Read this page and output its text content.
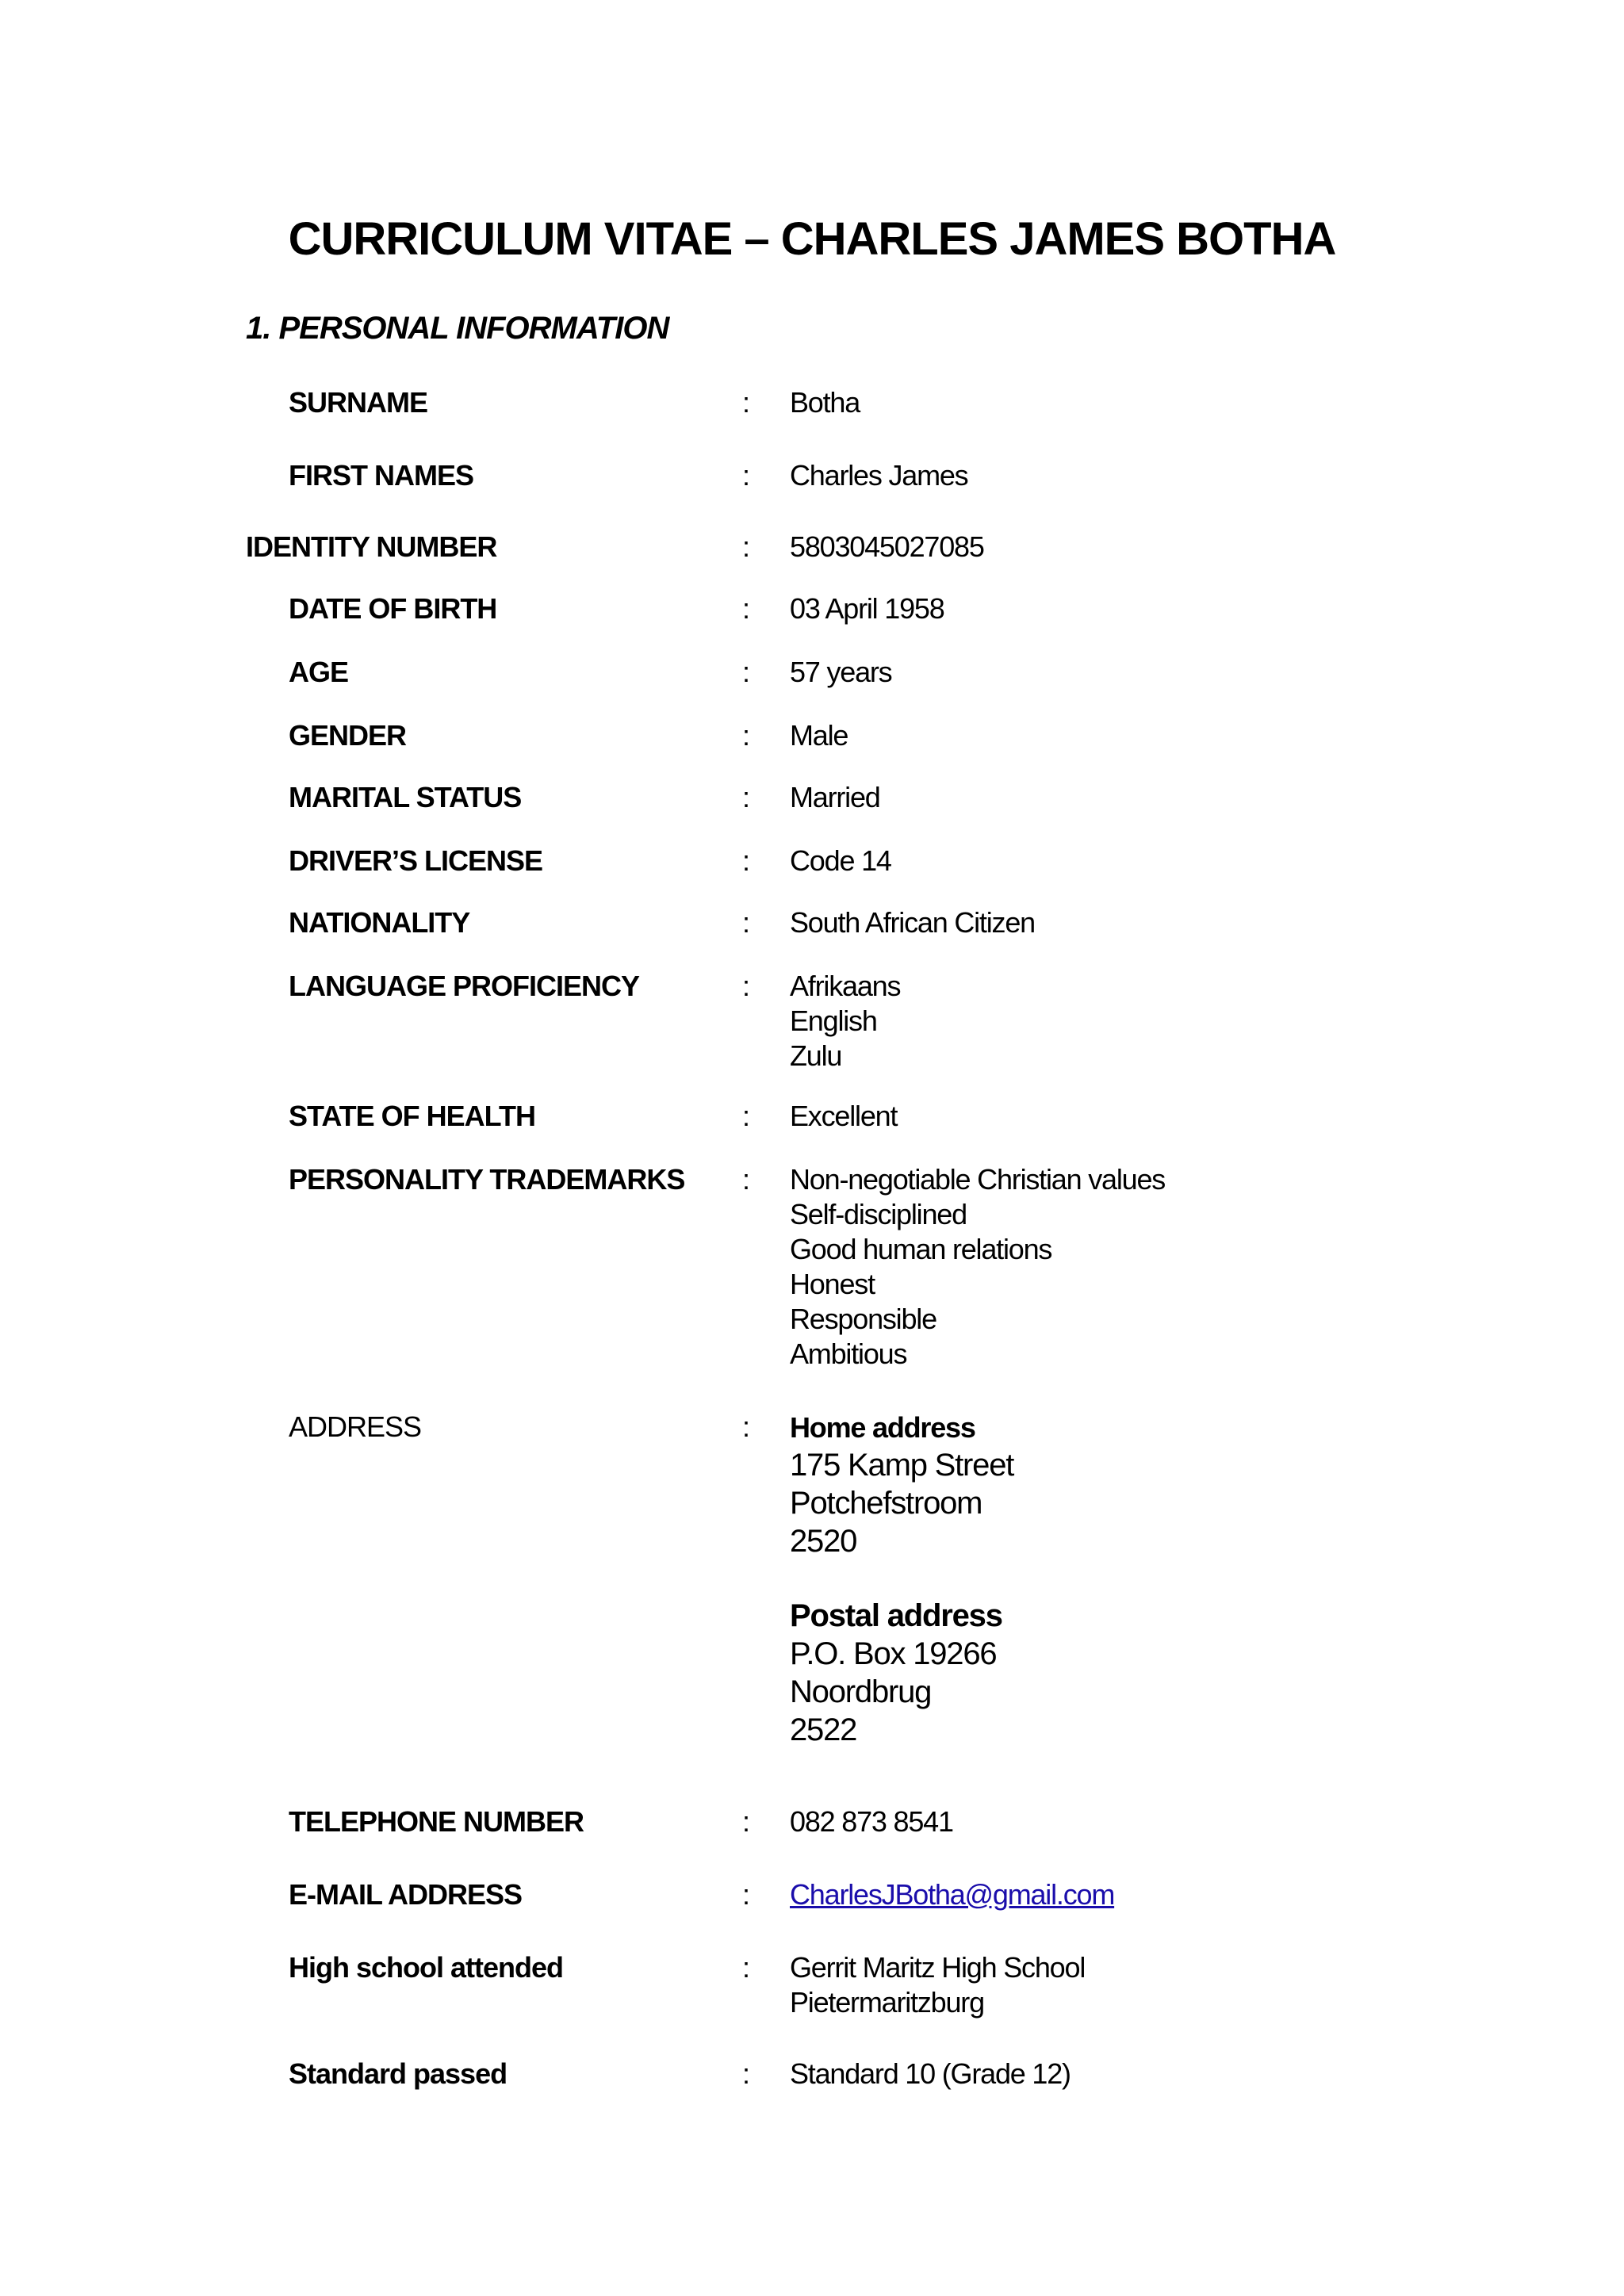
CURRICULUM VITAE – CHARLES JAMES BOTHA
1. PERSONAL INFORMATION
SURNAME	: Botha
FIRST NAMES	: Charles James
IDENTITY NUMBER	: 5803045027085
DATE OF BIRTH	: 03 April 1958
AGE	: 57 years
GENDER	: Male
MARITAL STATUS	: Married
DRIVER’S LICENSE	: Code 14
NATIONALITY	: South African Citizen
LANGUAGE PROFICIENCY	: Afrikaans
English
Zulu
STATE OF HEALTH	: Excellent
PERSONALITY TRADEMARKS : Non-negotiable Christian values
Self-disciplined
Good human relations
Honest
Responsible
Ambitious
ADDRESS	: Home address
175 Kamp Street
Potchefstroom
2520
Postal address
P.O. Box 19266
Noordbrug
2522
TELEPHONE NUMBER	: 082 873 8541
E-MAIL ADDRESS	: CharlesJBotha@gmail.com
High school attended	: Gerrit Maritz High School
Pietermaritzburg
Standard passed	: Standard 10 (Grade 12)
